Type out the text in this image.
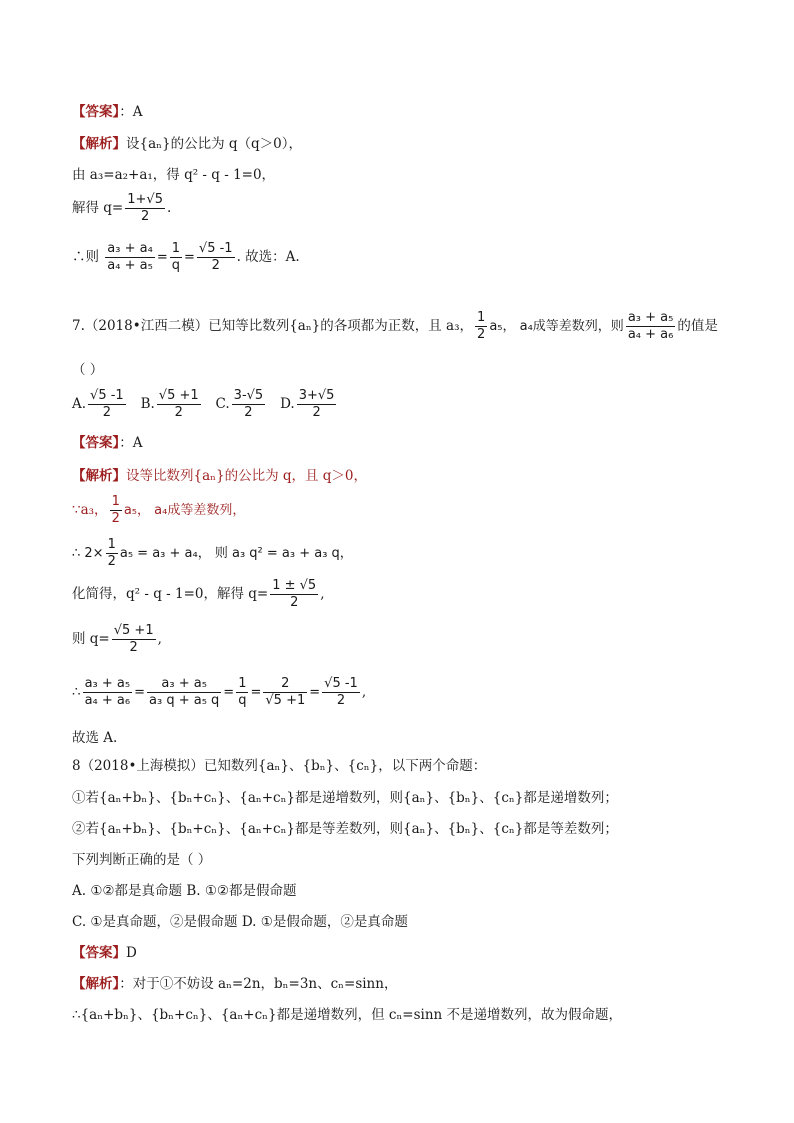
【答案】：A
【解析】设{aₙ}的公比为 q（q＞0），
由 a₃=a₂+a₁，得 q² - q - 1=0，
解得 $q= \frac{1+√5}{2}$ .
∴则 $\frac{\text{a₃ + a₄}}{\text{a₄ + a₅}} = \frac{1}{q} = \frac{√5 -1}{2}$ . 故选：A.
7.（2018•江西二模）已知等比数列{aₙ}的各项都为正数，且 a₃， $\frac{1}{2} a_5$， a₄成等差数列，则 $\frac{\text{a₃ + a₅}}{\text{a₄ + a₆}}$ 的值是
（ ）
A. $\frac{√5 -1}{2} B$. $\frac{√5 +1}{2} C$. $\frac{3-√5}{2} D$. $\frac{3+√5}{2}$
【答案】：A
【解析】设等比数列{aₙ}的公比为 q，且 q＞0，
∵a₃， $\frac{1}{2} a_5$， a₄成等差数列，
∴ $2\times \frac{1}{2} a_5 = a_3 + a_4$， 则 a₃ q² = a₃ + a₃ q，
化简得，q² - q - 1=0，解得 $q= \frac{1 \pm √5}{2}$ ,
则 $q= \frac{√5 +1}{2}$ ,
∴ $\frac{\text{a₃ + a₅}}{\text{a₄ + a₆}} = \frac{\text{a₃ + a₅}}{\text{a₃ q + a₅ q}} = \frac{1}{q} = \frac{2}{√5 +1} = \frac{√5 -1}{2}$ ,
故选 A.
8（2018•上海模拟）已知数列{aₙ}、{bₙ}、{cₙ}，以下两个命题：
①若{aₙ+bₙ}、{bₙ+cₙ}、{aₙ+cₙ}都是递增数列，则{aₙ}、{bₙ}、{cₙ}都是递增数列；
②若{aₙ+bₙ}、{bₙ+cₙ}、{aₙ+cₙ}都是等差数列，则{aₙ}、{bₙ}、{cₙ}都是等差数列；
下列判断正确的是（ ）
A. ①②都是真命题 B. ①②都是假命题
C. ①是真命题，②是假命题 D. ①是假命题，②是真命题
【答案】D
【解析】：对于①不妨设 aₙ=2n，bₙ=3n、cₙ=sinn，
∴{aₙ+bₙ}、{bₙ+cₙ}、{aₙ+cₙ}都是递增数列，但 cₙ=sinn 不是递增数列，故为假命题，
